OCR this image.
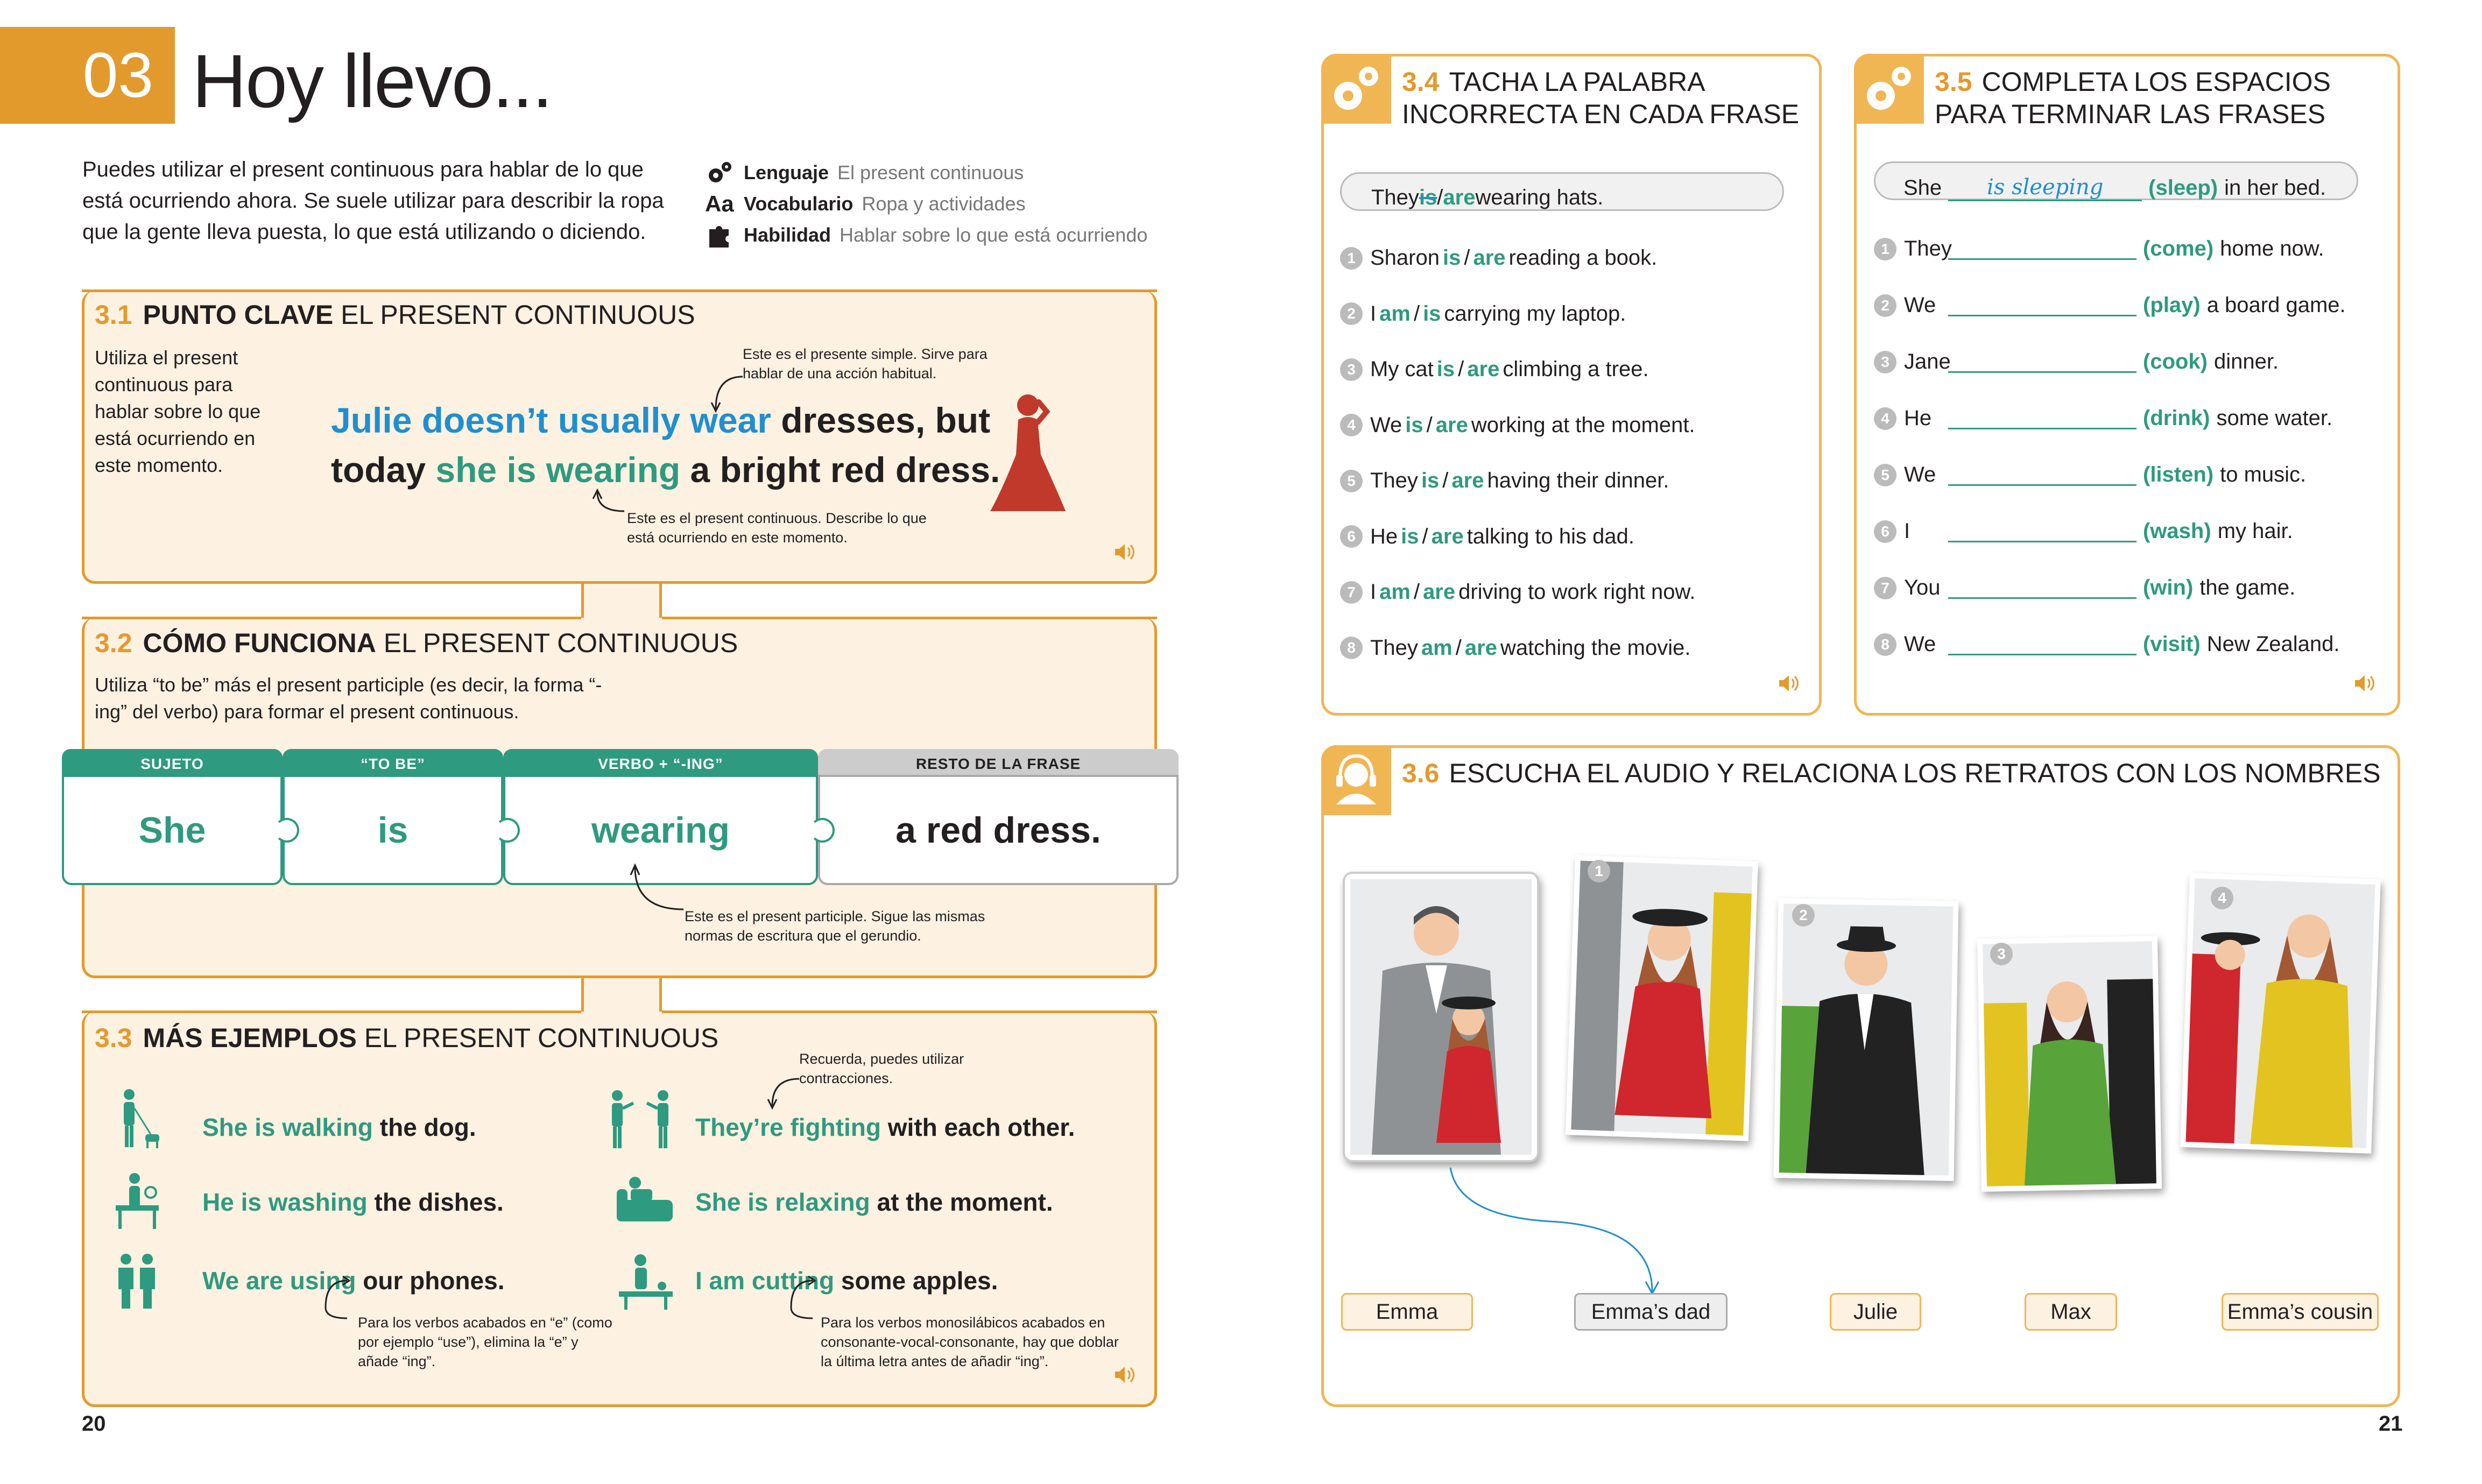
03 Hoy llevo...
Puedes utilizar el present continuous para hablar de lo que está ocurriendo ahora. Se suele utilizar para describir la ropa que la gente lleva puesta, lo que está utilizando o diciendo.
Lenguaje El present continuous
Aa Vocabulario Ropa y actividades
Habilidad Hablar sobre lo que está ocurriendo
3.1 PUNTO CLAVE EL PRESENT CONTINUOUS
Utiliza el present continuous para hablar sobre lo que está ocurriendo en este momento.
Este es el presente simple. Sirve para hablar de una acción habitual.
Julie doesn’t usually wear dresses, but
today she is wearing a bright red dress.
Este es el present continuous. Describe lo que está ocurriendo en este momento.
3.2 CÓMO FUNCIONA EL PRESENT CONTINUOUS
Utiliza “to be” más el present participle (es decir, la forma “-ing” del verbo) para formar el present continuous.
SUJETO
She
“TO BE”
is
VERBO + “-ING”
wearing
RESTO DE LA FRASE
a red dress.
Este es el present participle. Sigue las mismas normas de escritura que el gerundio.
3.3 MÁS EJEMPLOS EL PRESENT CONTINUOUS
Recuerda, puedes utilizar contracciones.
She is walking the dog.
He is washing the dishes.
We are using our phones.
They’re fighting with each other.
She is relaxing at the moment.
I am cutting some apples.
Para los verbos acabados en “e” (como por ejemplo “use”), elimina la “e” y añade “ing”.
Para los verbos monosilábicos acabados en consonante-vocal-consonante, hay que doblar la última letra antes de añadir “ing”.
20
3.4 TACHA LA PALABRA INCORRECTA EN CADA FRASE
They is / are wearing hats.
1 Sharon is / are reading a book.
2 I am / is carrying my laptop.
3 My cat is / are climbing a tree.
4 We is / are working at the moment.
5 They is / are having their dinner.
6 He is / are talking to his dad.
7 I am / are driving to work right now.
8 They am / are watching the movie.
3.5 COMPLETA LOS ESPACIOS PARA TERMINAR LAS FRASES
She	is sleeping	(sleep) in her bed.
1 They	(come) home now.
2 We	(play) a board game.
3 Jane	(cook) dinner.
4 He	(drink) some water.
5 We	(listen) to music.
6 I	(wash) my hair.
7 You	(win) the game.
8 We	(visit) New Zealand.
3.6 ESCUCHA EL AUDIO Y RELACIONA LOS RETRATOS CON LOS NOMBRES
1
2
3
4
Emma	Emma’s dad	Julie	Max	Emma’s cousin
21
